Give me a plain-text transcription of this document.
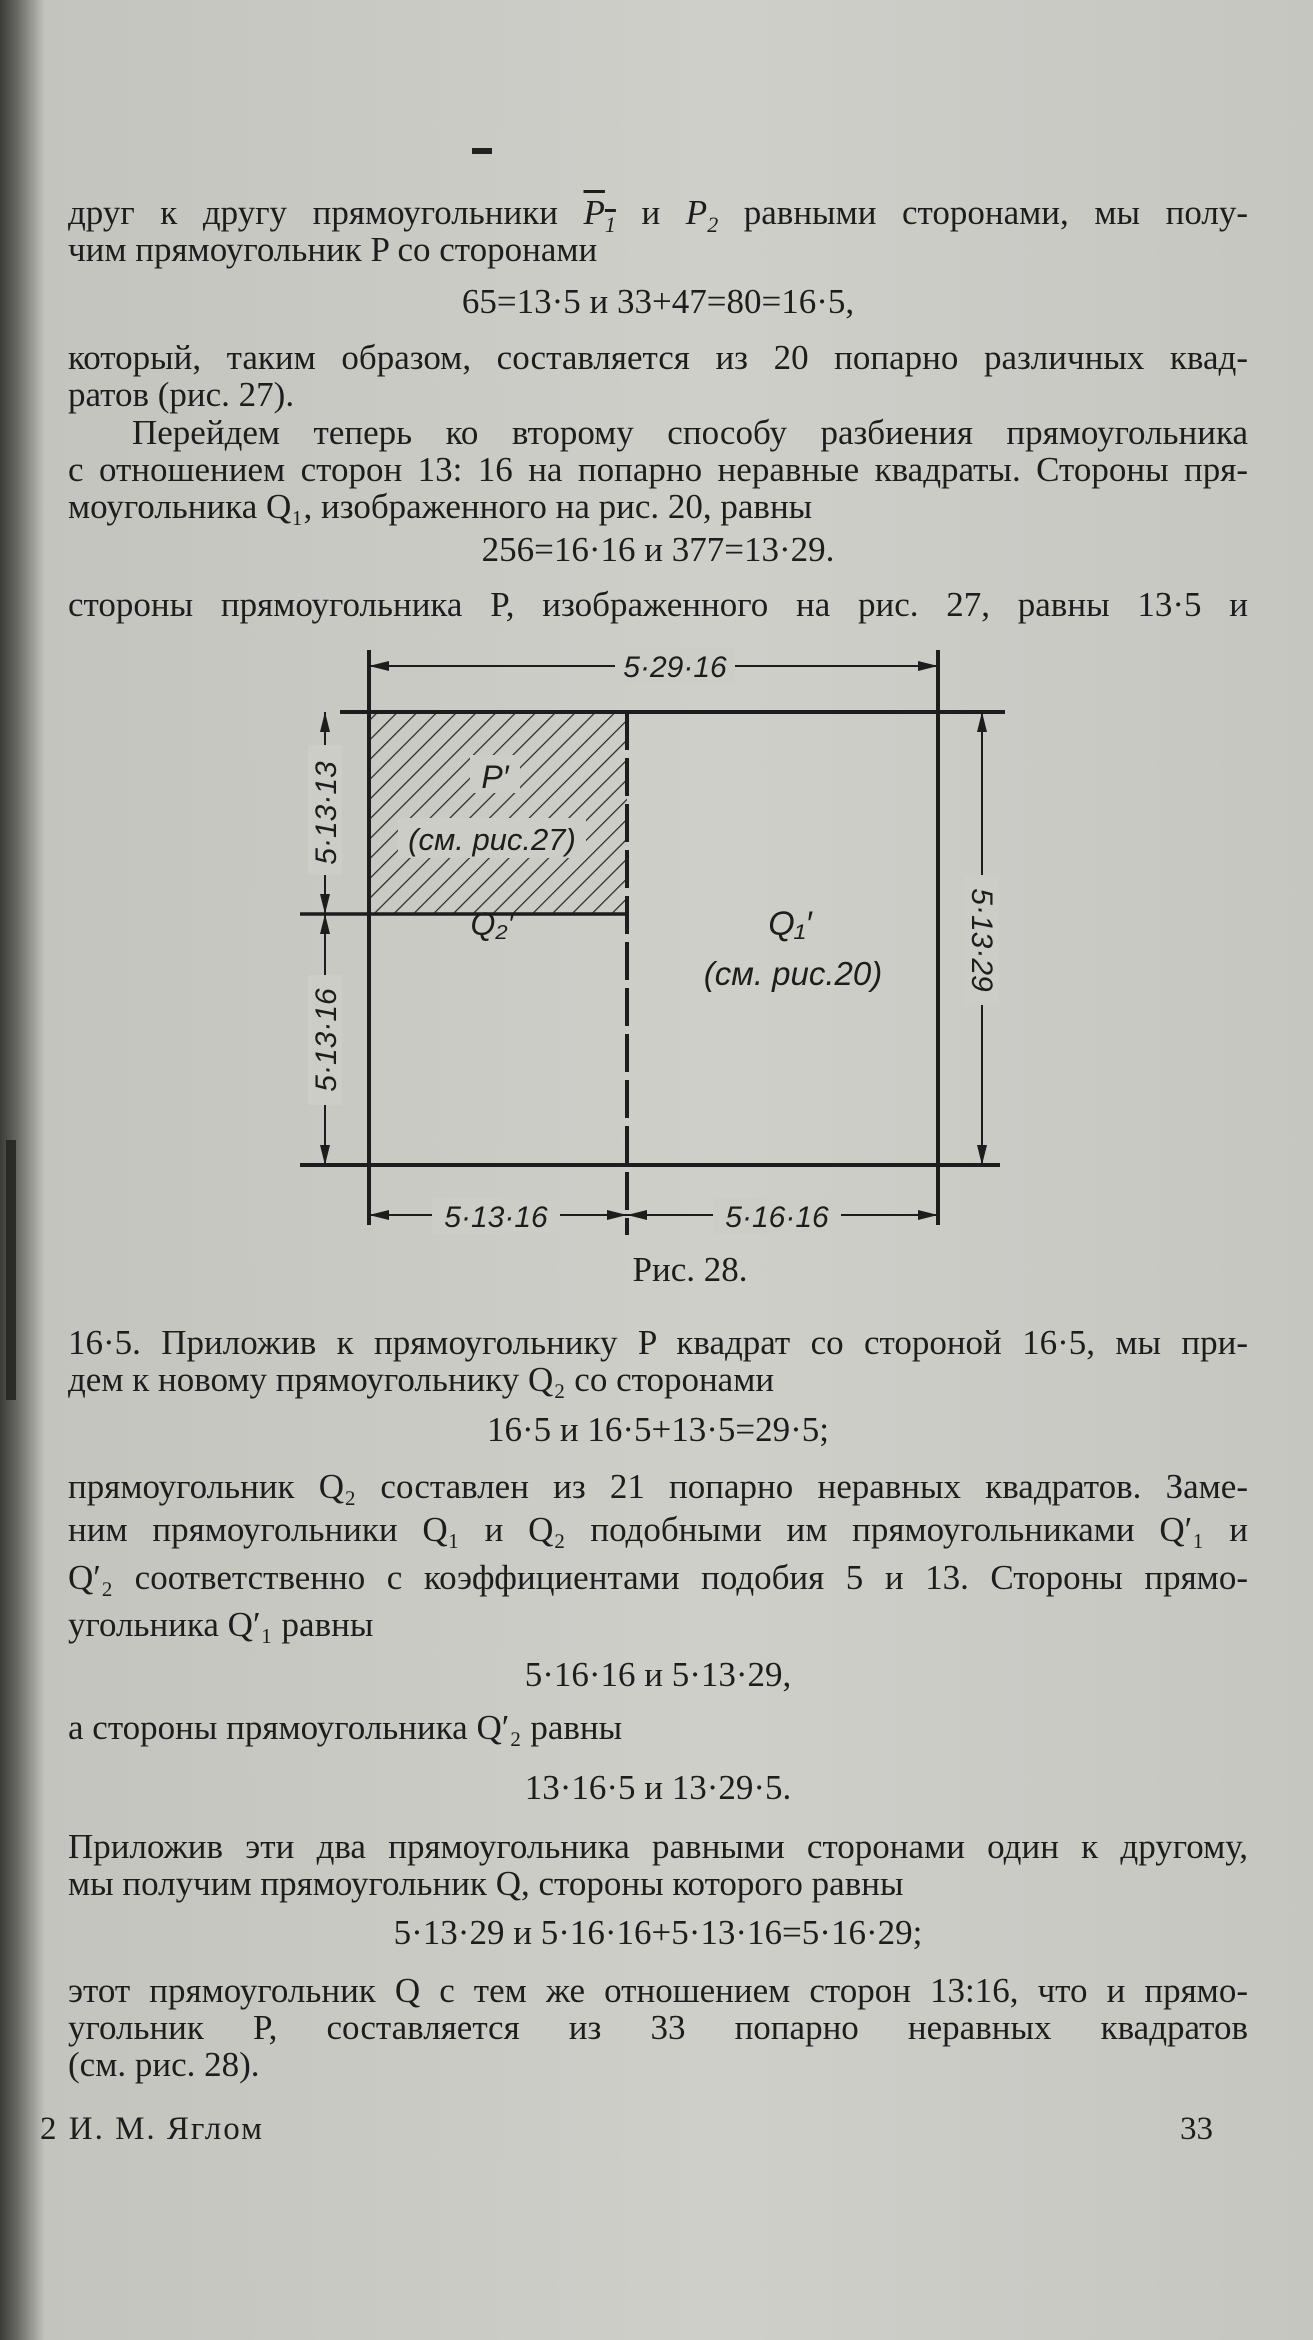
друг к другу прямоугольники $P_1$ и $P_2$ равными сторонами, мы полу-
чим прямоугольник P со сторонами
65=13·5 и 33+47=80=16·5,
который, таким образом, составляется из 20 попарно различных квад-
ратов (рис. 27).
Перейдем теперь ко второму способу разбиения прямоугольника
с отношением сторон 13: 16 на попарно неравные квадраты. Стороны пря-
моугольника Q₁, изображенного на рис. 20, равны
256=16·16 и 377=13·29.
стороны прямоугольника P, изображенного на рис. 27, равны 13·5 и
5·29·16
5·13·13
5·13·16
5·13·29
5·13·16	5·16·16
P′
(см. рис.27)
Q₂′	Q₁′
(см. рис.20)
Рис. 28.
16·5. Приложив к прямоугольнику P квадрат со стороной 16·5, мы при-
дем к новому прямоугольнику Q₂ со сторонами
16·5 и 16·5+13·5=29·5;
прямоугольник Q₂ составлен из 21 попарно неравных квадратов. Заме-
ним прямоугольники Q₁ и Q₂ подобными им прямоугольниками Q′₁ и
Q′₂ соответственно с коэффициентами подобия 5 и 13. Стороны прямо-
угольника Q′₁ равны
5·16·16 и 5·13·29,
а стороны прямоугольника Q′₂ равны
13·16·5 и 13·29·5.
Приложив эти два прямоугольника равными сторонами один к другому,
мы получим прямоугольник Q, стороны которого равны
5·13·29 и 5·16·16+5·13·16=5·16·29;
этот прямоугольник Q с тем же отношением сторон 13:16, что и прямо-
угольник P, составляется из 33 попарно неравных квадратов
(см. рис. 28).
2 И. М. Яглом	33
